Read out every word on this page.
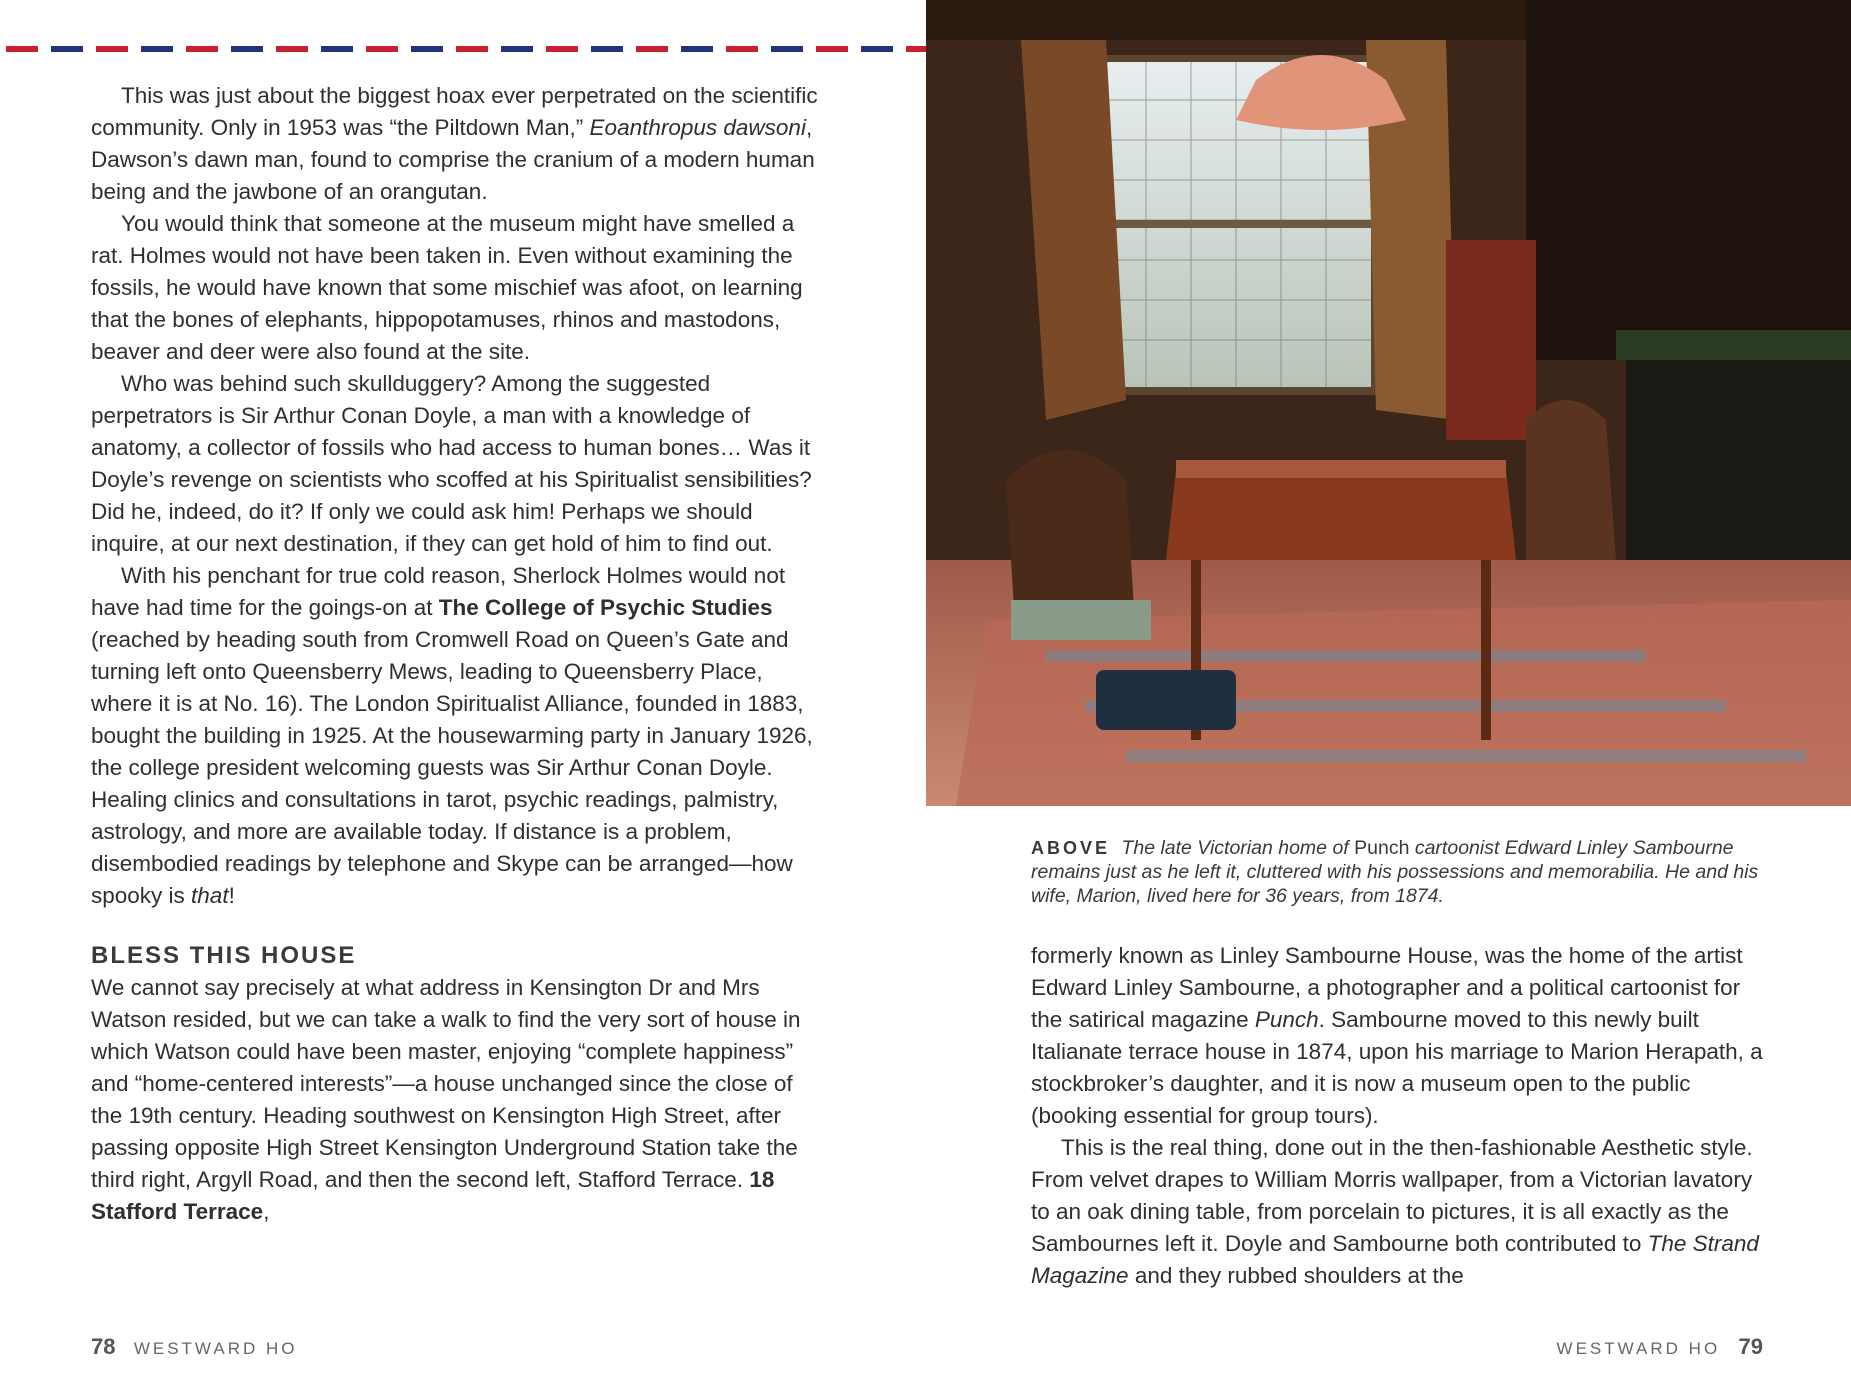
This was just about the biggest hoax ever perpetrated on the scientific community. Only in 1953 was “the Piltdown Man,” Eoanthropus dawsoni, Dawson’s dawn man, found to comprise the cranium of a modern human being and the jawbone of an orangutan.

You would think that someone at the museum might have smelled a rat. Holmes would not have been taken in. Even without examining the fossils, he would have known that some mischief was afoot, on learning that the bones of elephants, hippopotamuses, rhinos and mastodons, beaver and deer were also found at the site.

Who was behind such skullduggery? Among the suggested perpetrators is Sir Arthur Conan Doyle, a man with a knowledge of anatomy, a collector of fossils who had access to human bones… Was it Doyle’s revenge on scientists who scoffed at his Spiritualist sensibilities? Did he, indeed, do it? If only we could ask him! Perhaps we should inquire, at our next destination, if they can get hold of him to find out.

With his penchant for true cold reason, Sherlock Holmes would not have had time for the goings-on at The College of Psychic Studies (reached by heading south from Cromwell Road on Queen’s Gate and turning left onto Queensberry Mews, leading to Queensberry Place, where it is at No. 16). The London Spiritualist Alliance, founded in 1883, bought the building in 1925. At the housewarming party in January 1926, the college president welcoming guests was Sir Arthur Conan Doyle. Healing clinics and consultations in tarot, psychic readings, palmistry, astrology, and more are available today. If distance is a problem, disembodied readings by telephone and Skype can be arranged—how spooky is that!

BLESS THIS HOUSE

We cannot say precisely at what address in Kensington Dr and Mrs Watson resided, but we can take a walk to find the very sort of house in which Watson could have been master, enjoying “complete happiness” and “home-centered interests”—a house unchanged since the close of the 19th century. Heading southwest on Kensington High Street, after passing opposite High Street Kensington Underground Station take the third right, Argyll Road, and then the second left, Stafford Terrace. 18 Stafford Terrace,

ABOVE The late Victorian home of Punch cartoonist Edward Linley Sambourne remains just as he left it, cluttered with his possessions and memorabilia. He and his wife, Marion, lived here for 36 years, from 1874.

formerly known as Linley Sambourne House, was the home of the artist Edward Linley Sambourne, a photographer and a political cartoonist for the satirical magazine Punch. Sambourne moved to this newly built Italianate terrace house in 1874, upon his marriage to Marion Herapath, a stockbroker’s daughter, and it is now a museum open to the public (booking essential for group tours).

This is the real thing, done out in the then-fashionable Aesthetic style. From velvet drapes to William Morris wallpaper, from a Victorian lavatory to an oak dining table, from porcelain to pictures, it is all exactly as the Sambournes left it. Doyle and Sambourne both contributed to The Strand Magazine and they rubbed shoulders at the

78 WESTWARD HO	WESTWARD HO 79
